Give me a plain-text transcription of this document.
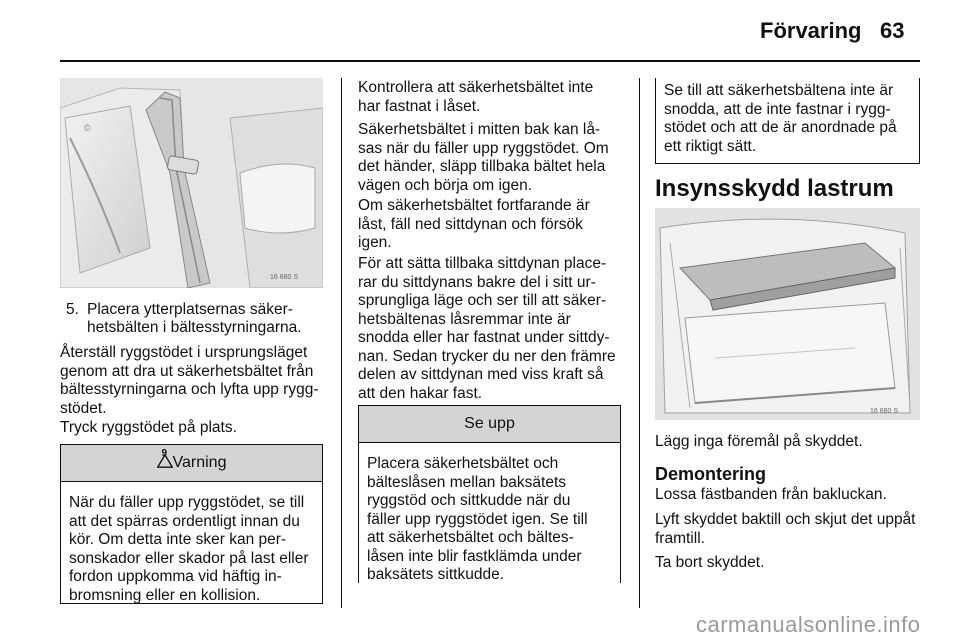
Förvaring 63
©
16 680 S
5. Placera ytterplatsernas säker-
hetsbälten i bältesstyrningarna.
Återställ ryggstödet i ursprungsläget
genom att dra ut säkerhetsbältet från
bältesstyrningarna och lyfta upp rygg-
stödet.
Tryck ryggstödet på plats.
9
Varning
När du fäller upp ryggstödet, se till
att det spärras ordentligt innan du
kör. Om detta inte sker kan per-
sonskador eller skador på last eller
fordon uppkomma vid häftig in-
bromsning eller en kollision.
Kontrollera att säkerhetsbältet inte
har fastnat i låset.
Säkerhetsbältet i mitten bak kan lå-
sas när du fäller upp ryggstödet. Om
det händer, släpp tillbaka bältet hela
vägen och börja om igen.
Om säkerhetsbältet fortfarande är
låst, fäll ned sittdynan och försök
igen.
För att sätta tillbaka sittdynan place-
rar du sittdynans bakre del i sitt ur-
sprungliga läge och ser till att säker-
hetsbältenas låsremmar inte är
snodda eller har fastnat under sittdy-
nan. Sedan trycker du ner den främre
delen av sittdynan med viss kraft så
att den hakar fast.
Se upp
Placera säkerhetsbältet och
bälteslåsen mellan baksätets
ryggstöd och sittkudde när du
fäller upp ryggstödet igen. Se till
att säkerhetsbältet och bältes-
låsen inte blir fastklämda under
baksätets sittkudde.
Se till att säkerhetsbältena inte är
snodda, att de inte fastnar i rygg-
stödet och att de är anordnade på
ett riktigt sätt.
Insynsskydd lastrum
16 680 S
Lägg inga föremål på skyddet.
Demontering
Lossa fästbanden från bakluckan.
Lyft skyddet baktill och skjut det uppåt
framtill.
Ta bort skyddet.
carmanualsonline.info
